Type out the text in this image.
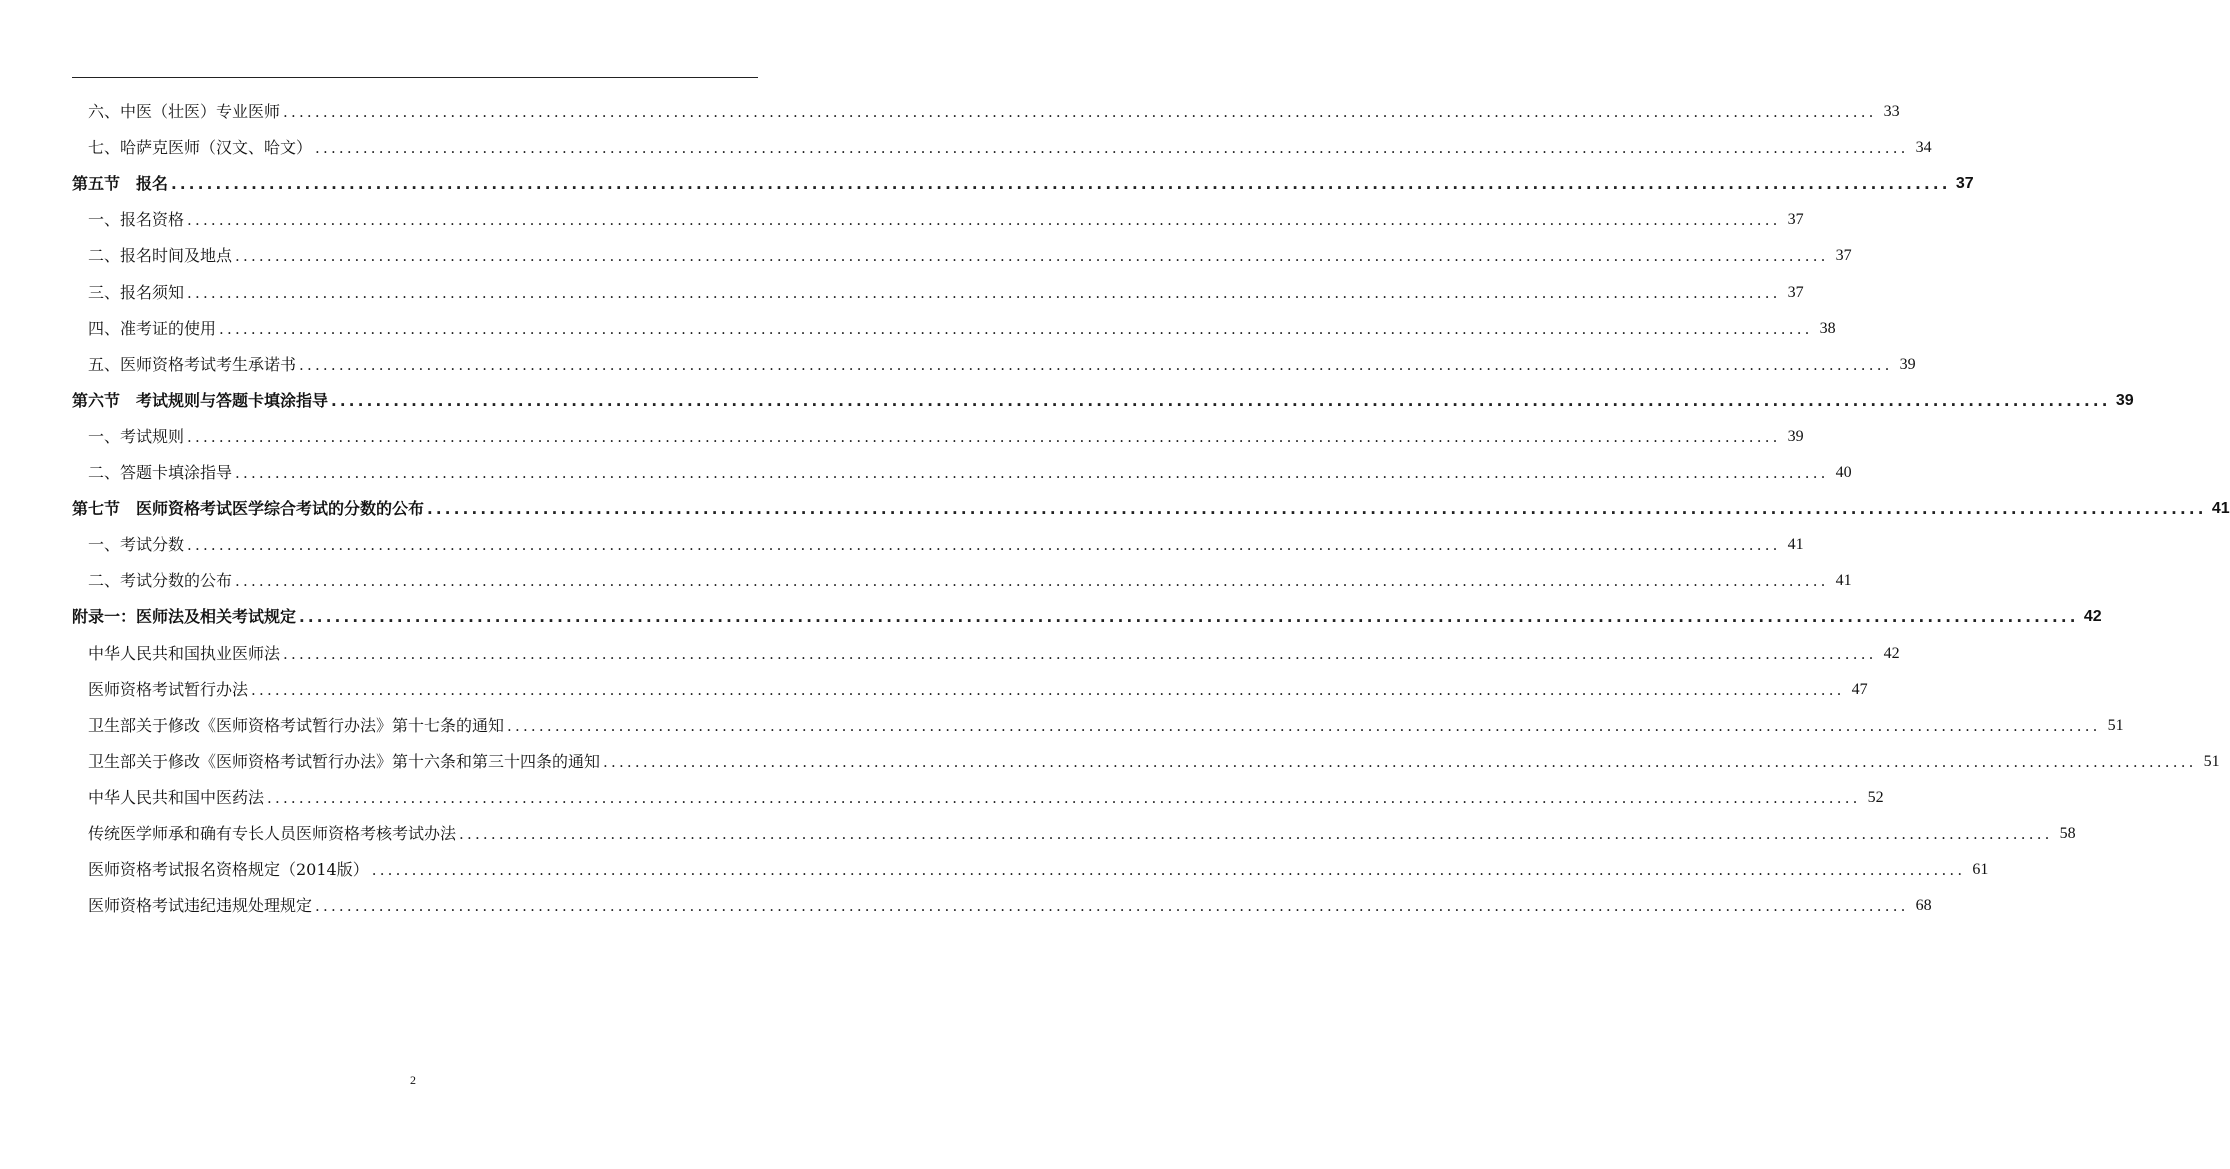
六、中医（壮医）专业医师 ........................................................................................................................................................................................................ 33
七、哈萨克医师（汉文、哈文） ........................................................................................................................................................................................................ 34
第五节　报名 ........................................................................................................................................................................................................ 37
一、报名资格 ........................................................................................................................................................................................................ 37
二、报名时间及地点 ........................................................................................................................................................................................................ 37
三、报名须知 ........................................................................................................................................................................................................ 37
四、准考证的使用 ........................................................................................................................................................................................................ 38
五、医师资格考试考生承诺书 ........................................................................................................................................................................................................ 39
第六节　考试规则与答题卡填涂指导 ........................................................................................................................................................................................................ 39
一、考试规则 ........................................................................................................................................................................................................ 39
二、答题卡填涂指导 ........................................................................................................................................................................................................ 40
第七节　医师资格考试医学综合考试的分数的公布 ........................................................................................................................................................................................................ 41
一、考试分数 ........................................................................................................................................................................................................ 41
二、考试分数的公布 ........................................................................................................................................................................................................ 41
附录一：医师法及相关考试规定 ........................................................................................................................................................................................................ 42
中华人民共和国执业医师法 ........................................................................................................................................................................................................ 42
医师资格考试暂行办法 ........................................................................................................................................................................................................ 47
卫生部关于修改《医师资格考试暂行办法》第十七条的通知 ........................................................................................................................................................................................................ 51
卫生部关于修改《医师资格考试暂行办法》第十六条和第三十四条的通知 ........................................................................................................................................................................................................ 51
中华人民共和国中医药法 ........................................................................................................................................................................................................ 52
传统医学师承和确有专长人员医师资格考核考试办法 ........................................................................................................................................................................................................ 58
医师资格考试报名资格规定（2014版） ........................................................................................................................................................................................................ 61
医师资格考试违纪违规处理规定 ........................................................................................................................................................................................................ 68
2
